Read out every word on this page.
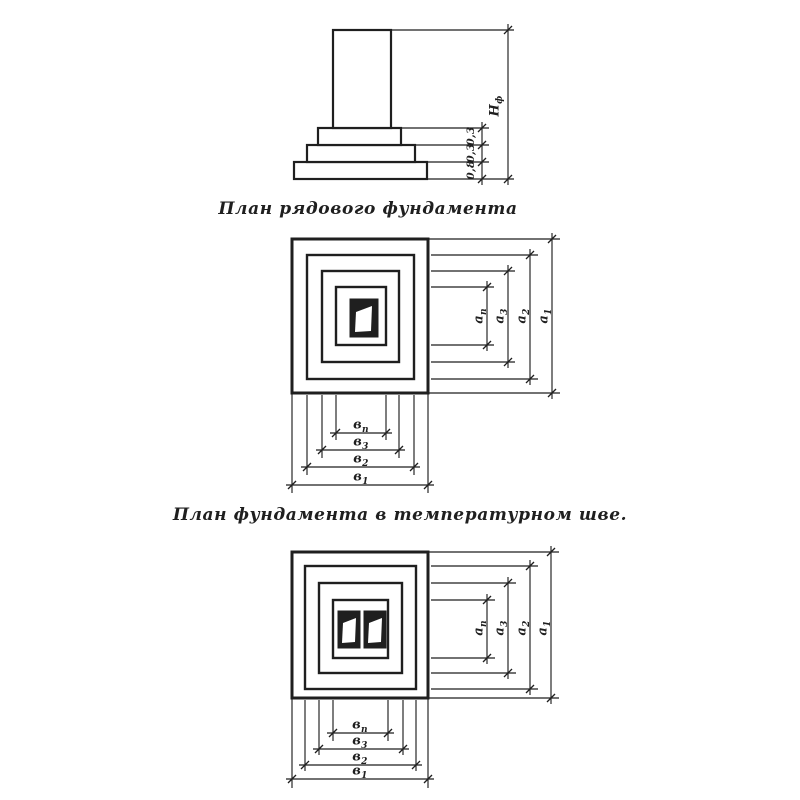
0,3
0,3
0,8
$Н_ф$
План рядового фундамента
$а_п$
$а_3$
$а_2$
$а_1$
$в_п$
$в_3$
$в_2$
$в_1$
План фундамента в температурном шве.
$а_п$
$а_3$
$а_2$
$а_1$
$в_п$
$в_3$
$в_2$
$в_1$
